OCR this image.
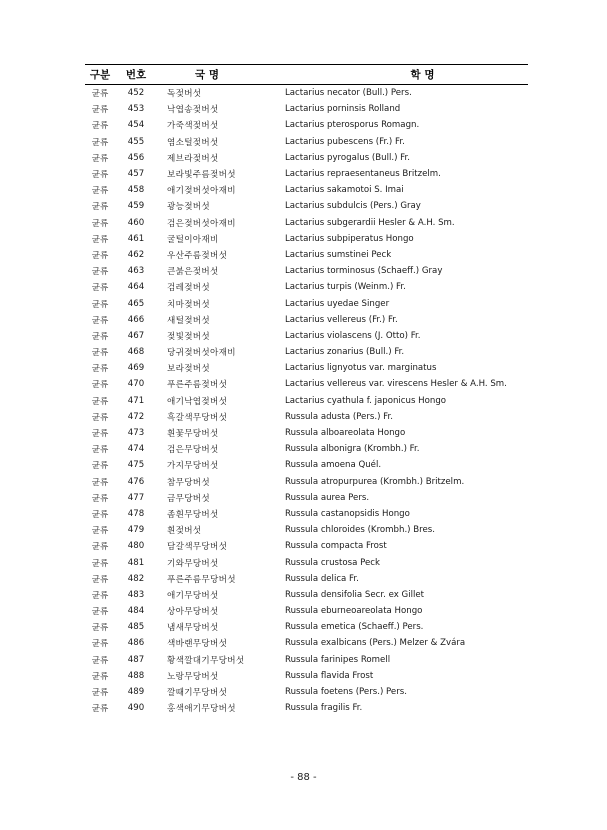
구분	번호	국 명	학 명
균류	452	독젖버섯	Lactarius necator (Bull.) Pers.
균류	453	낙엽송젖버섯	Lactarius porninsis Rolland
균류	454	가죽색젖버섯	Lactarius pterosporus Romagn.
균류	455	염소털젖버섯	Lactarius pubescens (Fr.) Fr.
균류	456	제브라젖버섯	Lactarius pyrogalus (Bull.) Fr.
균류	457	보라빛주름젖버섯	Lactarius repraesentaneus Britzelm.
균류	458	애기젖버섯아재비	Lactarius sakamotoi S. Imai
균류	459	광능젖버섯	Lactarius subdulcis (Pers.) Gray
균류	460	검은젖버섯아재비	Lactarius subgerardii Hesler & A.H. Sm.
균류	461	굴털이아재비	Lactarius subpiperatus Hongo
균류	462	우산주름젖버섯	Lactarius sumstinei Peck
균류	463	큰붉은젖버섯	Lactarius torminosus (Schaeff.) Gray
균류	464	검레젖버섯	Lactarius turpis (Weinm.) Fr.
균류	465	치마젖버섯	Lactarius uyedae Singer
균류	466	새털젖버섯	Lactarius vellereus (Fr.) Fr.
균류	467	젖빛젖버섯	Lactarius violascens (J. Otto) Fr.
균류	468	당귀젖버섯아재비	Lactarius zonarius (Bull.) Fr.
균류	469	보라젖버섯	Lactarius lignyotus var. marginatus
균류	470	푸른주름젖버섯	Lactarius vellereus var. virescens Hesler & A.H. Sm.
균류	471	애기낙엽젖버섯	Lactarius cyathula f. japonicus Hongo
균류	472	흑갈색무당버섯	Russula adusta (Pers.) Fr.
균류	473	흰꽃무당버섯	Russula alboareolata Hongo
균류	474	검은무당버섯	Russula albonigra (Krombh.) Fr.
균류	475	가지무당버섯	Russula amoena Quél.
균류	476	참무당버섯	Russula atropurpurea (Krombh.) Britzelm.
균류	477	금무당버섯	Russula aurea Pers.
균류	478	좀흰무당버섯	Russula castanopsidis Hongo
균류	479	흰젖버섯	Russula chloroides (Krombh.) Bres.
균류	480	담갈색무당버섯	Russula compacta Frost
균류	481	기와무당버섯	Russula crustosa Peck
균류	482	푸른주름무당버섯	Russula delica Fr.
균류	483	애기무당버섯	Russula densifolia Secr. ex Gillet
균류	484	상아무당버섯	Russula eburneoareolata Hongo
균류	485	냄새무당버섯	Russula emetica (Schaeff.) Pers.
균류	486	색바랜무당버섯	Russula exalbicans (Pers.) Melzer & Zvára
균류	487	황색깔대기무당버섯	Russula farinipes Romell
균류	488	노랑무당버섯	Russula flavida Frost
균류	489	깔때기무당버섯	Russula foetens (Pers.) Pers.
균류	490	홍색애기무당버섯	Russula fragilis Fr.
- 88 -
